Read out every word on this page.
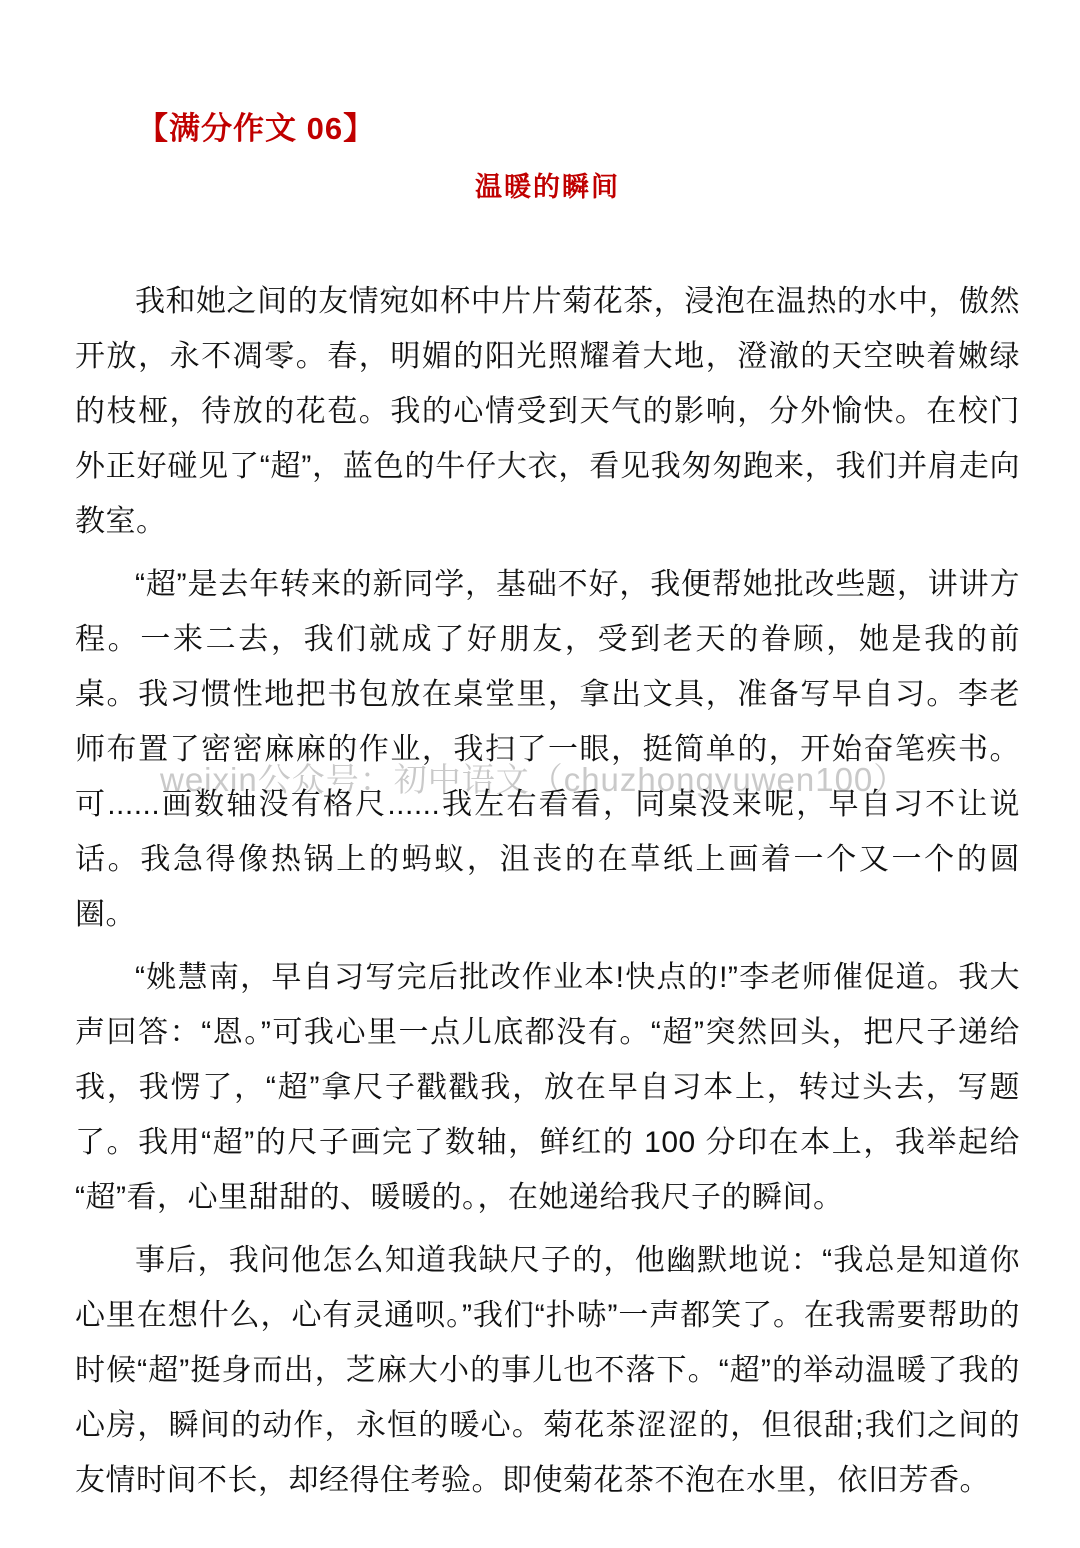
weixin公众号：初中语文（chuzhongyuwen100）
【满分作文 06】
温暖的瞬间

我和她之间的友情宛如杯中片片菊花茶，浸泡在温热的水中，傲然开放，永不凋零。春，明媚的阳光照耀着大地，澄澈的天空映着嫩绿的枝桠，待放的花苞。我的心情受到天气的影响，分外愉快。在校门外正好碰见了“超”，蓝色的牛仔大衣，看见我匆匆跑来，我们并肩走向教室。

“超”是去年转来的新同学，基础不好，我便帮她批改些题，讲讲方程。一来二去，我们就成了好朋友，受到老天的眷顾，她是我的前桌。我习惯性地把书包放在桌堂里，拿出文具，准备写早自习。李老师布置了密密麻麻的作业，我扫了一眼，挺简单的，开始奋笔疾书。可......画数轴没有格尺......我左右看看，同桌没来呢，早自习不让说话。我急得像热锅上的蚂蚁，沮丧的在草纸上画着一个又一个的圆圈。

“姚慧南，早自习写完后批改作业本!快点的!”李老师催促道。我大声回答：“恩。”可我心里一点儿底都没有。“超”突然回头，把尺子递给我，我愣了，“超”拿尺子戳戳我，放在早自习本上，转过头去，写题了。我用“超”的尺子画完了数轴，鲜红的 100 分印在本上，我举起给“超”看，心里甜甜的、暖暖的。，在她递给我尺子的瞬间。

事后，我问他怎么知道我缺尺子的，他幽默地说：“我总是知道你心里在想什么，心有灵通呗。”我们“扑哧”一声都笑了。在我需要帮助的时候“超”挺身而出，芝麻大小的事儿也不落下。“超”的举动温暖了我的心房，瞬间的动作，永恒的暖心。菊花茶涩涩的，但很甜;我们之间的友情时间不长，却经得住考验。即使菊花茶不泡在水里，依旧芳香。
